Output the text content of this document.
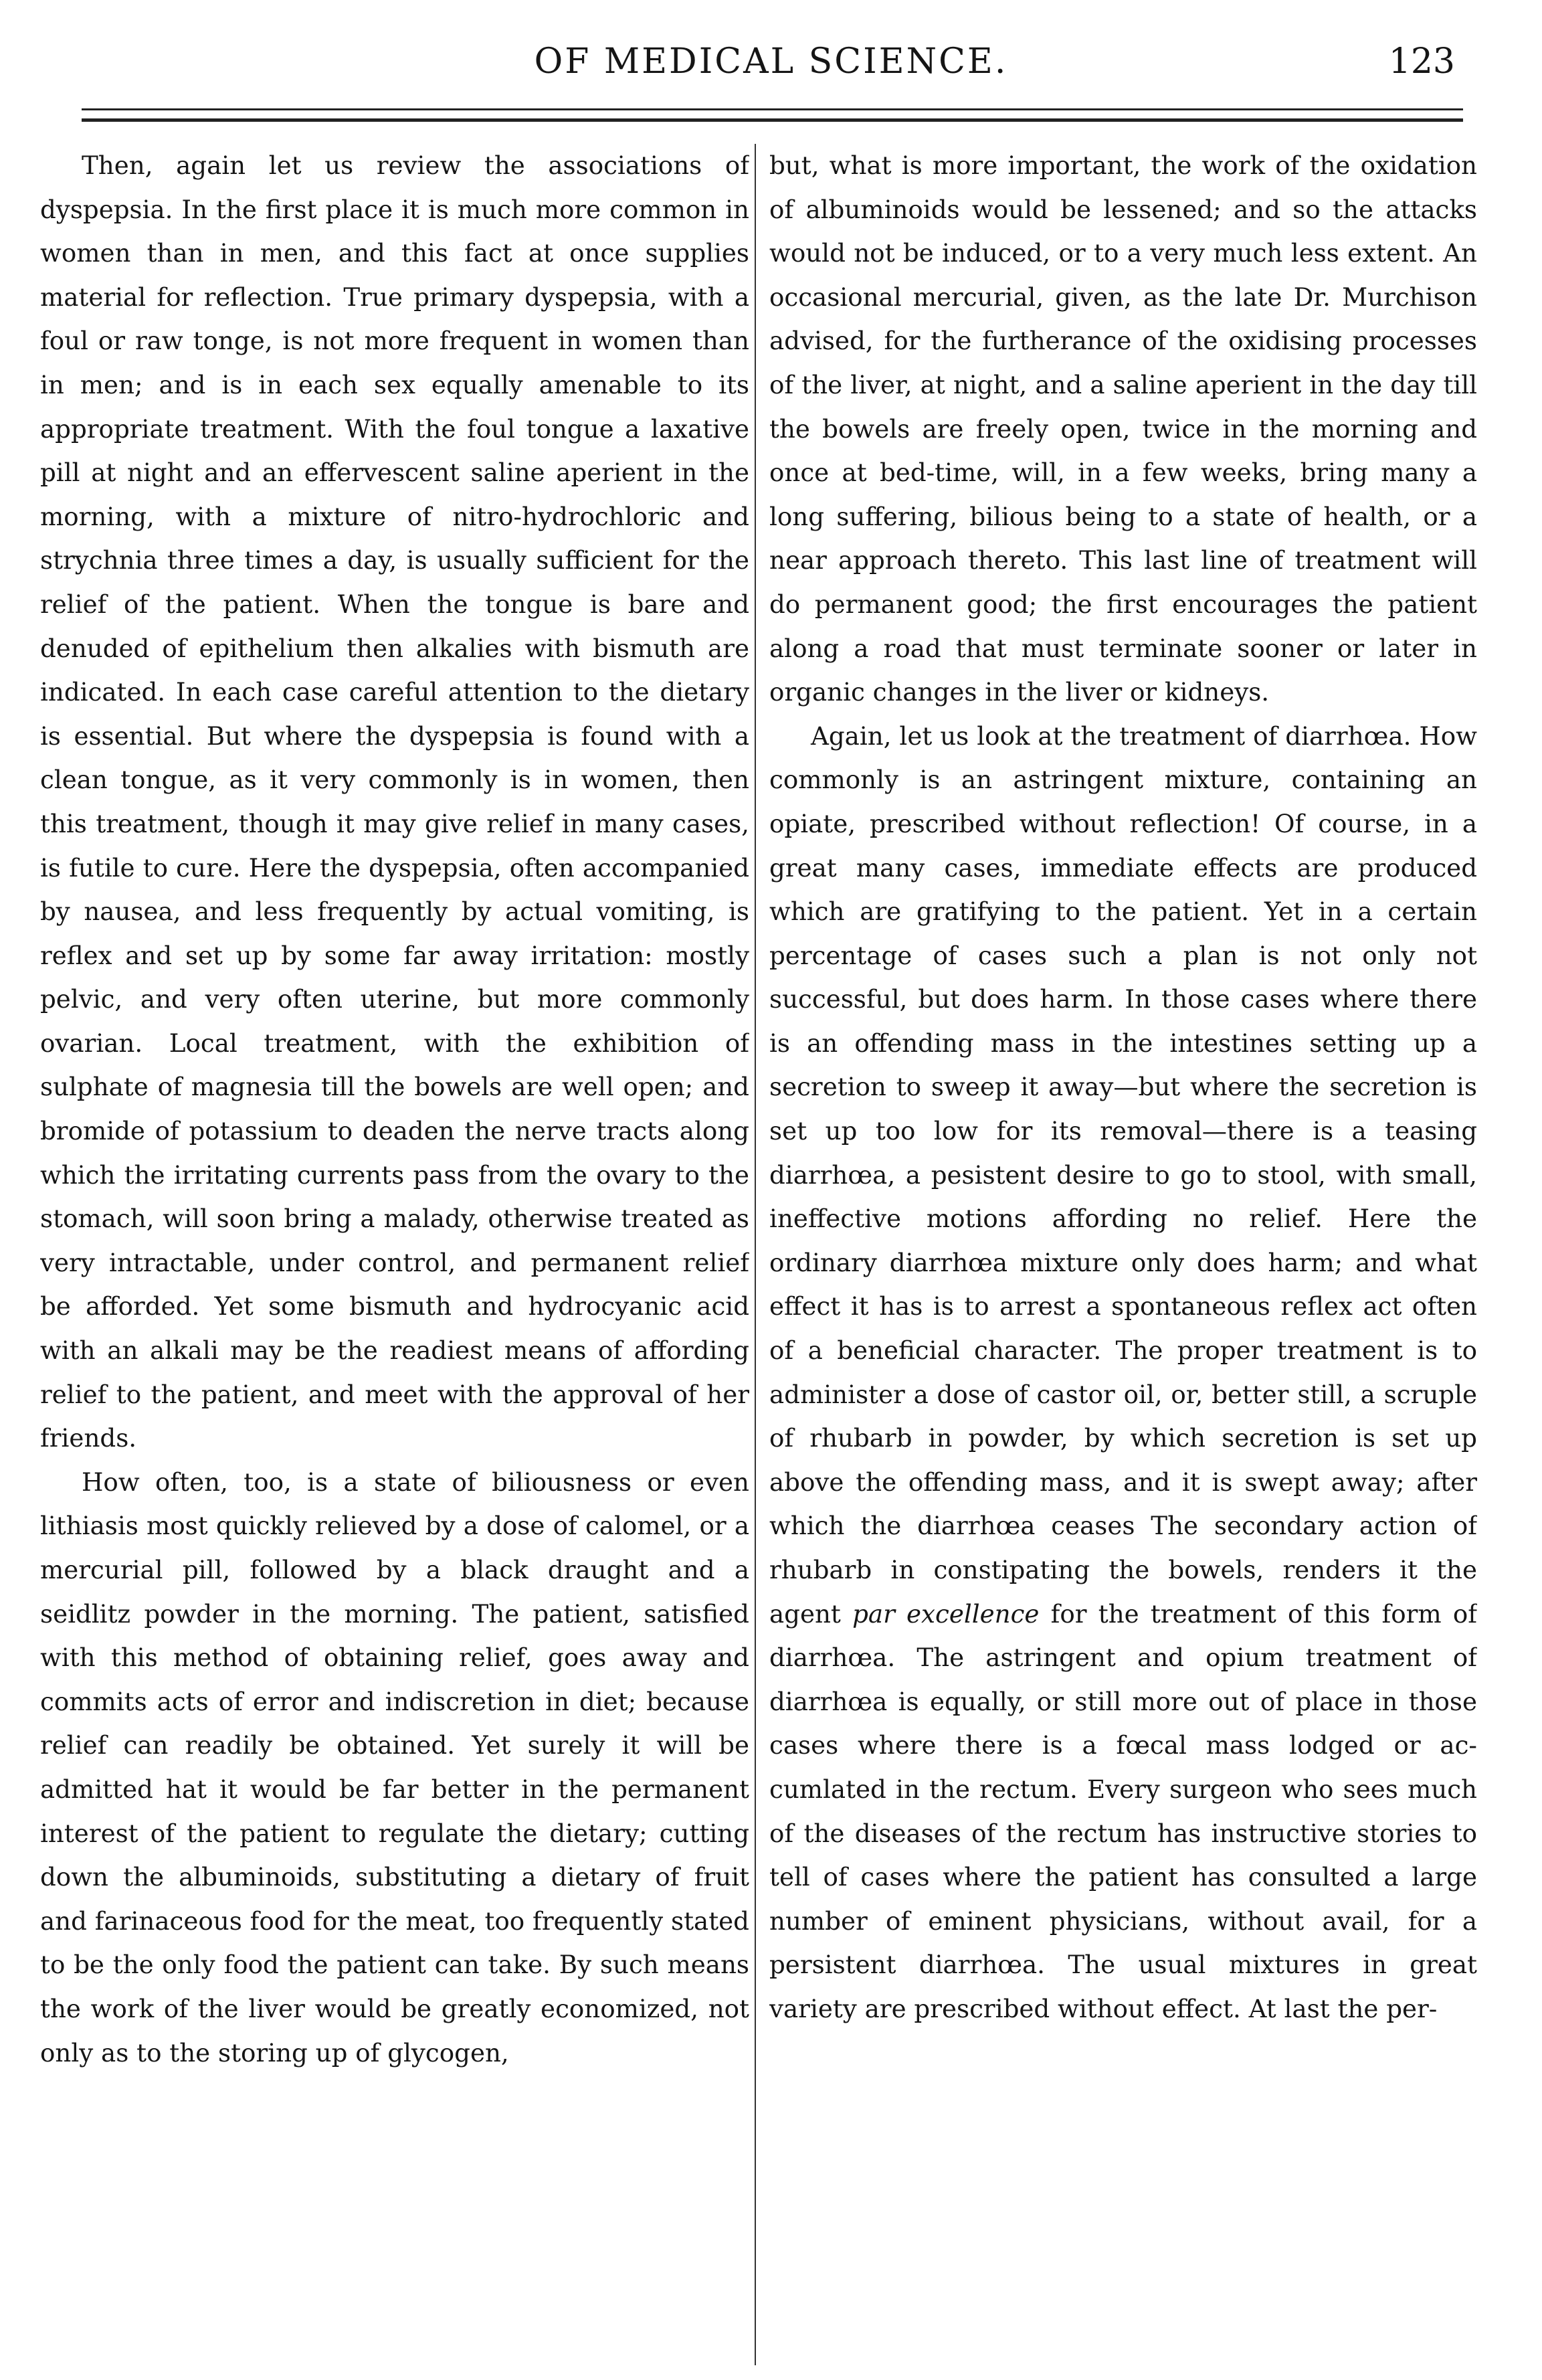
OF MEDICAL SCIENCE.	123

Then, again let us review the associations of dyspepsia. In the first place it is much more common in women than in men, and this fact at once supplies material for reflection. True primary dyspepsia, with a foul or raw tonge, is not more frequent in women than in men; and is in each sex equally amenable to its appropriate treatment. With the foul tongue a laxative pill at night and an effervescent saline aperient in the morning, with a mixture of nitro-hydrochloric and strychnia three times a day, is usually sufficient for the relief of the patient. When the tongue is bare and denuded of epithelium then alkalies with bismuth are indicated. In each case careful attention to the dietary is essential. But where the dyspepsia is found with a clean tongue, as it very commonly is in women, then this treatment, though it may give relief in many cases, is futile to cure. Here the dyspepsia, often accompanied by nausea, and less frequently by actual vomiting, is reflex and set up by some far away irritation: mostly pelvic, and very often uterine, but more commonly ovarian. Local treatment, with the exhibition of sulphate of magnesia till the bowels are well open; and bromide of potassium to deaden the nerve tracts along which the irritating currents pass from the ovary to the stomach, will soon bring a malady, otherwise treated as very intractable, under control, and permanent relief be afforded. Yet some bismuth and hydrocyanic acid with an alkali may be the readiest means of affording relief to the patient, and meet with the approval of her friends.

How often, too, is a state of biliousness or even lithiasis most quickly relieved by a dose of calomel, or a mercurial pill, followed by a black draught and a seidlitz powder in the morning. The patient, satisfied with this method of obtaining relief, goes away and commits acts of error and indiscretion in diet; because relief can readily be obtained. Yet surely it will be admitted hat it would be far better in the permanent interest of the patient to regulate the dietary; cutting down the albuminoids, substituting a dietary of fruit and farinaceous food for the meat, too frequently stated to be the only food the patient can take. By such means the work of the liver would be greatly economized, not only as to the storing up of glycogen,

but, what is more important, the work of the oxidation of albuminoids would be lessened; and so the attacks would not be induced, or to a very much less extent. An occasional mercurial, given, as the late Dr. Murchison advised, for the furtherance of the oxidising processes of the liver, at night, and a saline aperient in the day till the bowels are freely open, twice in the morning and once at bed-time, will, in a few weeks, bring many a long suffering, bilious being to a state of health, or a near approach thereto. This last line of treatment will do permanent good; the first encourages the patient along a road that must terminate sooner or later in organic changes in the liver or kidneys.

Again, let us look at the treatment of diarrhœa. How commonly is an astringent mixture, containing an opiate, prescribed without reflection! Of course, in a great many cases, immediate effects are produced which are gratifying to the patient. Yet in a certain percentage of cases such a plan is not only not successful, but does harm. In those cases where there is an offending mass in the intestines setting up a secretion to sweep it away—but where the secretion is set up too low for its removal—there is a teasing diarrhœa, a pesistent desire to go to stool, with small, ineffective motions affording no relief. Here the ordinary diarrhœa mixture only does harm; and what effect it has is to arrest a spontaneous reflex act often of a beneficial character. The proper treatment is to administer a dose of castor oil, or, better still, a scruple of rhubarb in powder, by which secretion is set up above the offending mass, and it is swept away; after which the diarrhœa ceases The secondary action of rhubarb in constipating the bowels, renders it the agent par excellence for the treatment of this form of diarrhœa. The astringent and opium treatment of diarrhœa is equally, or still more out of place in those cases where there is a fœcal mass lodged or accumlated in the rectum. Every surgeon who sees much of the diseases of the rectum has instructive stories to tell of cases where the patient has consulted a large number of eminent physicians, without avail, for a persistent diarrhœa. The usual mixtures in great variety are prescribed without effect. At last the per-
